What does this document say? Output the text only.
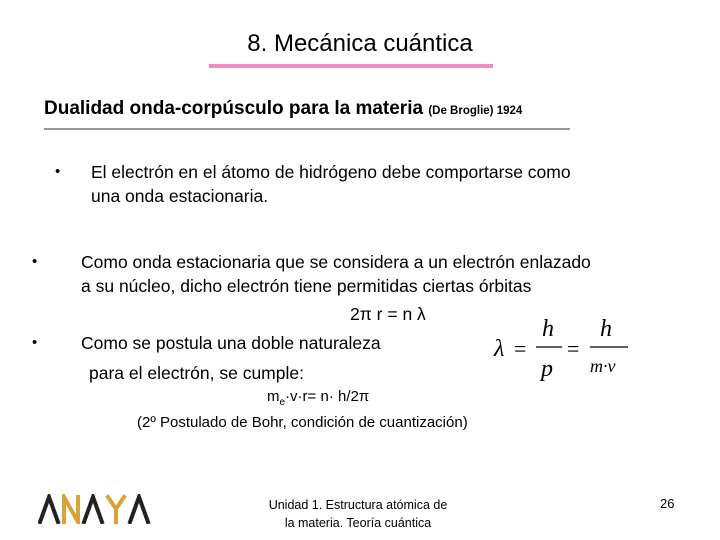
8. Mecánica cuántica
Dualidad onda-corpúsculo para la materia (De Broglie) 1924
• El electrón en el átomo de hidrógeno debe comportarse como
una onda estacionaria.
• Como onda estacionaria que se considera a un electrón enlazado
a su núcleo, dicho electrón tiene permitidas ciertas órbitas
2π r = n λ
• Como se postula una doble naturaleza
para el electrón, se cumple:
λ =
h
p
=
h
m·v
$m_e\cdot v\cdot r= n\cdot h/2\pi$
(2º Postulado de Bohr, condición de cuantización)
Unidad 1. Estructura atómica de
la materia. Teoría cuántica
26
